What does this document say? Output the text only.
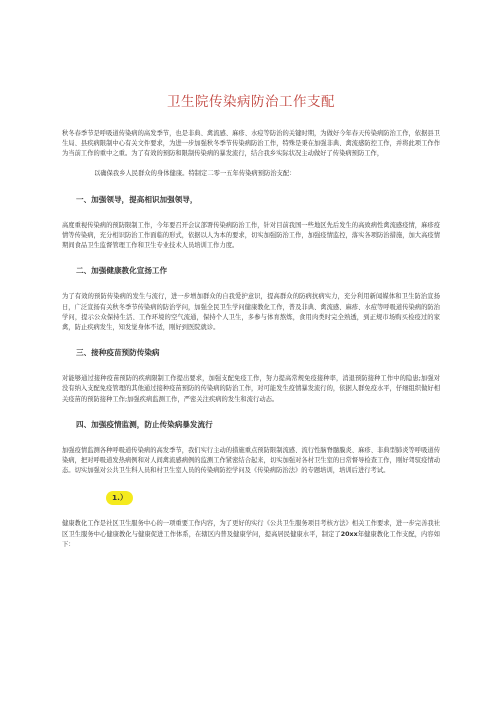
卫生院传染病防治工作支配

秋冬春季节是呼吸道传染病的高发季节，也是非典、禽流感、麻疹、水痘等防治的关键时期，为做好今年春天传染病防治工作，依据县卫生局、县疾病限制中心有关文件要求，为进一步加强秋冬季节传染病防治工作，特殊是秉在加强非典、禽流感防控工作，并将此项工作作为当前工作的重中之重。为了有效的预防和限制传染病的暴发流行，结合我乡实际状况主动做好了传染病预防工作，

以确保我乡人民群众的身体健康。特制定二零一五年传染病预防治支配：

一、加强领导，提高相识加强领导，

高度重视传染病的预防限制工作，今年要召开会议部署传染病防治工作，针对目前我国一些地区先后发生的高致病性禽流感疫情，麻疹疫情等传染病，充分相识防治工作面临的形式，依据以人为本的要求，切实加强防治工作，加强疫情监控，落实各项防治措施，加大高疫情期间食品卫生监督管理工作和卫生专业技术人员培训工作力度。

二、加强健康教化宣扬工作

为了有效的预防传染病的发生与流行，进一步增加群众的自我爱护意识，提高群众的防病抗病实力，充分利用新闻媒体和卫生防治宣扬日，广泛宣扬有关秋冬季节传染病的防治学问，加强全民卫生学问健康教化工作，普及非典、禽流感、麻疹、水痘等呼吸道传染病的防治学问，提示公众保持生活、工作环境的空气流通，保持个人卫生，多参与体育熬炼，食用肉类时完全熟透，到正规市场购买检疫过的家禽，防止疾病发生，知发觉身体不适，刚好到医院就诊。

三、接种疫苗预防传染病

对能够通过接种疫苗预防的疾病限制工作提出要求，加强支配免疫工作，努力提高常规免疫接种率，消退预防接种工作中的隐患;加强对没有纳入支配免疫管理的其他通过接种疫苗预防的传染病的防治工作，对可能发生疫情暴发流行的，依据人群免疫水平，仔细组织做好相关疫苗的预防接种工作;加强疾病监测工作，严密关注疾病的发生和流行动态。

四、加强疫情监测，防止传染病暴发流行

加强疫情监测各种呼吸道传染病的高发季节，我们实行主动的措施重点预防限制流感、流行性脑脊髓膜炎、麻疹、非典型肺炎等呼吸道传染病，把对呼吸道发热病例和对人间禽流感病例的监测工作紧密结合起来，切实加强对各村卫生室的日常督导检查工作，刚好驾驭疫情动态。切实加强对公共卫生科人员和村卫生室人员的传染病防控学问及《传染病防治法》的专题培训，培训后进行考试。

1.）

健康教化工作是社区卫生服务中心的一项重要工作内容，为了更好的实行《公共卫生服务项目考核方法》相关工作要求，进一步完善我社区卫生服务中心健康教化与健康促进工作体系，在辖区内普及健康学问，提高居民健康水平，制定了20xx年健康教化工作支配，内容如下：
